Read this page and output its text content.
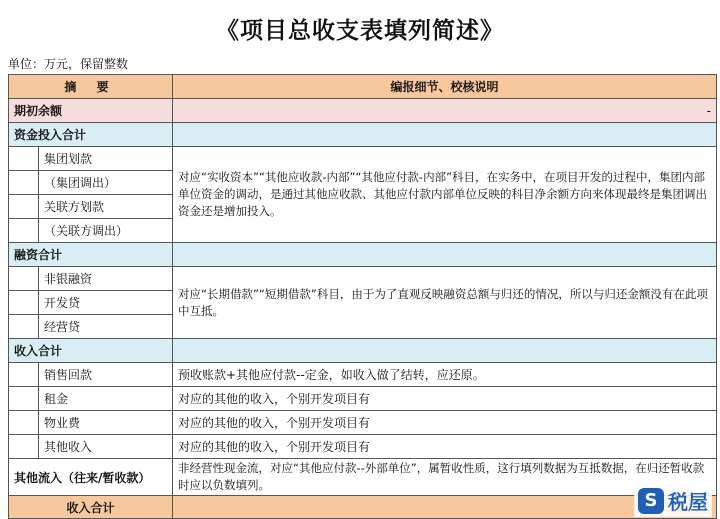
《项目总收支表填列简述》
单位：万元，保留整数
摘 要		编报细节、校核说明
期初余额		-

资金投入合计		
	集团划款	对应“实收资本”“其他应收款-内部”“其他应付款-内部”科目，在实务中，在项目开发的过程中，集团内部单位资金的调动，是通过其他应收款、其他应付款内部单位反映的科目净余额方向来体现最终是集团调出资金还是增加投入。
	（集团调出）	
	关联方划款	
	（关联方调出）	
融资合计		
	非银融资	对应“长期借款”“短期借款”科目，由于为了直观反映融资总额与归还的情况，所以与归还金额没有在此项中互抵。
	开发贷	
	经营贷	
收入合计		
	销售回款	预收账款+其他应付款--定金，如收入做了结转，应还原。
	租金	对应的其他的收入，个别开发项目有
	物业费	对应的其他的收入，个别开发项目有
	其他收入	对应的其他的收入，个别开发项目有
其他流入（往来/暂收款）		非经营性现金流，对应“其他应付款--外部单位”，属暂收性质，这行填列数据为互抵数据，在归还暂收款时应以负数填列。
收入合计			S 税屋
